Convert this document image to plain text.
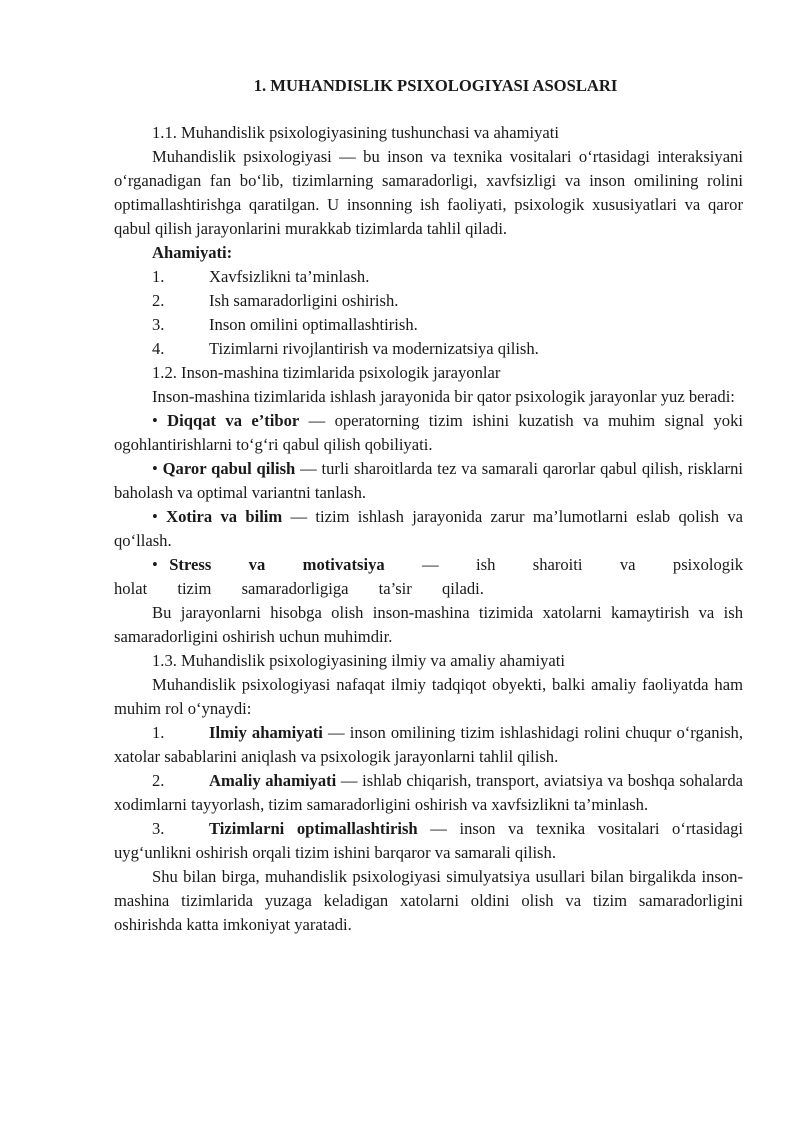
1. MUHANDISLIK PSIXOLOGIYASI ASOSLARI
1.1. Muhandislik psixologiyasining tushunchasi va ahamiyati

Muhandislik psixologiyasi — bu inson va texnika vositalari o‘rtasidagi interaksiyani o‘rganadigan fan bo‘lib, tizimlarning samaradorligi, xavfsizligi va inson omilining rolini optimallashtirishga qaratilgan. U insonning ish faoliyati, psixologik xususiyatlari va qaror qabul qilish jarayonlarini murakkab tizimlarda tahlil qiladi.

Ahamiyati:
1.	Xavfsizlikni ta’minlash.
2.	Ish samaradorligini oshirish.
3.	Inson omilini optimallashtirish.
4.	Tizimlarni rivojlantirish va modernizatsiya qilish.
1.2. Inson-mashina tizimlarida psixologik jarayonlar

Inson-mashina tizimlarida ishlash jarayonida bir qator psixologik jarayonlar yuz beradi:

• Diqqat va e’tibor — operatorning tizim ishini kuzatish va muhim signal yoki ogohlantirishlarni to‘g‘ri qabul qilish qobiliyati.

• Qaror qabul qilish — turli sharoitlarda tez va samarali qarorlar qabul qilish, risklarni baholash va optimal variantni tanlash.

• Xotira va bilim — tizim ishlash jarayonida zarur ma’lumotlarni eslab qolish va qo‘llash.

• Stress va motivatsiya — ish sharoiti va psixologik holat tizim samaradorligiga ta’sir qiladi.

Bu jarayonlarni hisobga olish inson-mashina tizimida xatolarni kamaytirish va ish samaradorligini oshirish uchun muhimdir.

1.3. Muhandislik psixologiyasining ilmiy va amaliy ahamiyati

Muhandislik psixologiyasi nafaqat ilmiy tadqiqot obyekti, balki amaliy faoliyatda ham muhim rol o‘ynaydi:

1.	Ilmiy ahamiyati — inson omilining tizim ishlashidagi rolini chuqur o‘rganish, xatolar sabablarini aniqlash va psixologik jarayonlarni tahlil qilish.

2.	Amaliy ahamiyati — ishlab chiqarish, transport, aviatsiya va boshqa sohalarda xodimlarni tayyorlash, tizim samaradorligini oshirish va xavfsizlikni ta’minlash.

3.	Tizimlarni optimallashtirish — inson va texnika vositalari o‘rtasidagi uyg‘unlikni oshirish orqali tizim ishini barqaror va samarali qilish.

Shu bilan birga, muhandislik psixologiyasi simulyatsiya usullari bilan birgalikda inson-mashina tizimlarida yuzaga keladigan xatolarni oldini olish va tizim samaradorligini oshirishda katta imkoniyat yaratadi.
